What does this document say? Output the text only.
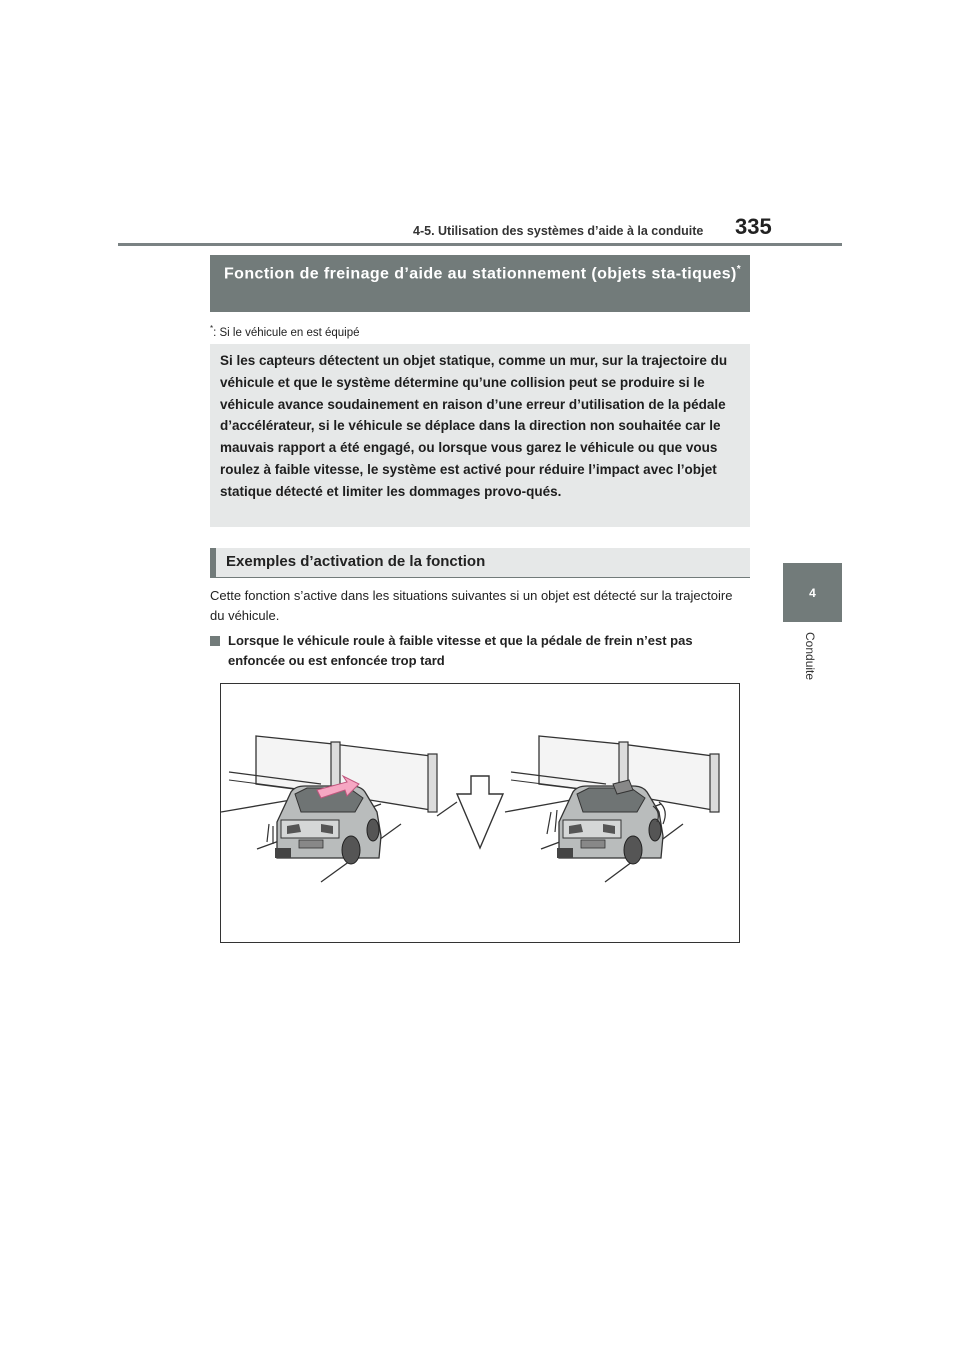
4-5. Utilisation des systèmes d’aide à la conduite 335
4
Conduite
Fonction de freinage d’aide au stationnement (objets sta-tiques)*
*: Si le véhicule en est équipé

Si les capteurs détectent un objet statique, comme un mur, sur la trajectoire du véhicule et que le système détermine qu’une collision peut se produire si le véhicule avance soudainement en raison d’une erreur d’utilisation de la pédale d’accélérateur, si le véhicule se déplace dans la direction non souhaitée car le mauvais rapport a été engagé, ou lorsque vous garez le véhicule ou que vous roulez à faible vitesse, le système est activé pour réduire l’impact avec l’objet statique détecté et limiter les dommages provo-qués.

Exemples d’activation de la fonction

Cette fonction s’active dans les situations suivantes si un objet est détecté sur la trajectoire du véhicule.

Lorsque le véhicule roule à faible vitesse et que la pédale de frein n’est pas enfoncée ou est enfoncée trop tard
